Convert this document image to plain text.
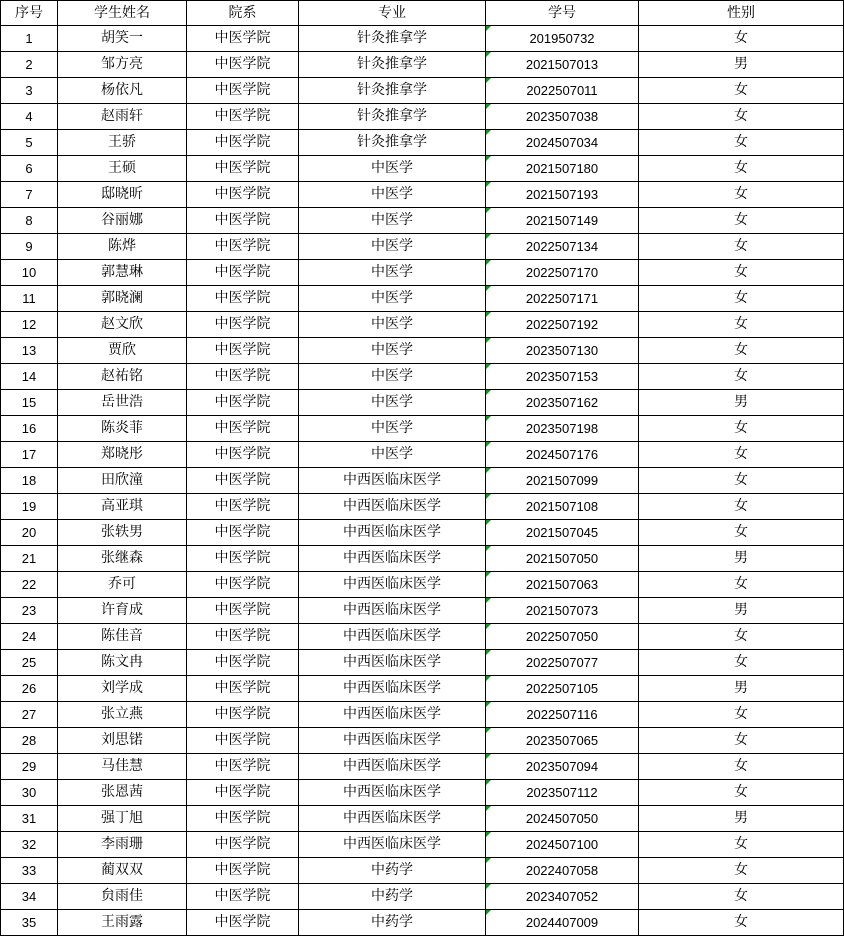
序号	学生姓名	院系	专业	学号	性别
1	胡笑一	中医学院	针灸推拿学	201950732	女
2	邹方亮	中医学院	针灸推拿学	2021507013	男
3	杨依凡	中医学院	针灸推拿学	2022507011	女
4	赵雨轩	中医学院	针灸推拿学	2023507038	女
5	王骄	中医学院	针灸推拿学	2024507034	女
6	王硕	中医学院	中医学	2021507180	女
7	邸晓昕	中医学院	中医学	2021507193	女
8	谷丽娜	中医学院	中医学	2021507149	女
9	陈烨	中医学院	中医学	2022507134	女
10	郭慧琳	中医学院	中医学	2022507170	女
11	郭晓澜	中医学院	中医学	2022507171	女
12	赵文欣	中医学院	中医学	2022507192	女
13	贾欣	中医学院	中医学	2023507130	女
14	赵祐铭	中医学院	中医学	2023507153	女
15	岳世浩	中医学院	中医学	2023507162	男
16	陈炎菲	中医学院	中医学	2023507198	女
17	郑晓彤	中医学院	中医学	2024507176	女
18	田欣潼	中医学院	中西医临床医学	2021507099	女
19	高亚琪	中医学院	中西医临床医学	2021507108	女
20	张轶男	中医学院	中西医临床医学	2021507045	女
21	张继森	中医学院	中西医临床医学	2021507050	男
22	乔可	中医学院	中西医临床医学	2021507063	女
23	许育成	中医学院	中西医临床医学	2021507073	男
24	陈佳音	中医学院	中西医临床医学	2022507050	女
25	陈文冉	中医学院	中西医临床医学	2022507077	女
26	刘学成	中医学院	中西医临床医学	2022507105	男
27	张立燕	中医学院	中西医临床医学	2022507116	女
28	刘思锘	中医学院	中西医临床医学	2023507065	女
29	马佳慧	中医学院	中西医临床医学	2023507094	女
30	张恩茜	中医学院	中西医临床医学	2023507112	女
31	强丁旭	中医学院	中西医临床医学	2024507050	男
32	李雨珊	中医学院	中西医临床医学	2024507100	女
33	蔺双双	中医学院	中药学	2022407058	女
34	贠雨佳	中医学院	中药学	2023407052	女
35	王雨露	中医学院	中药学	2024407009	女
